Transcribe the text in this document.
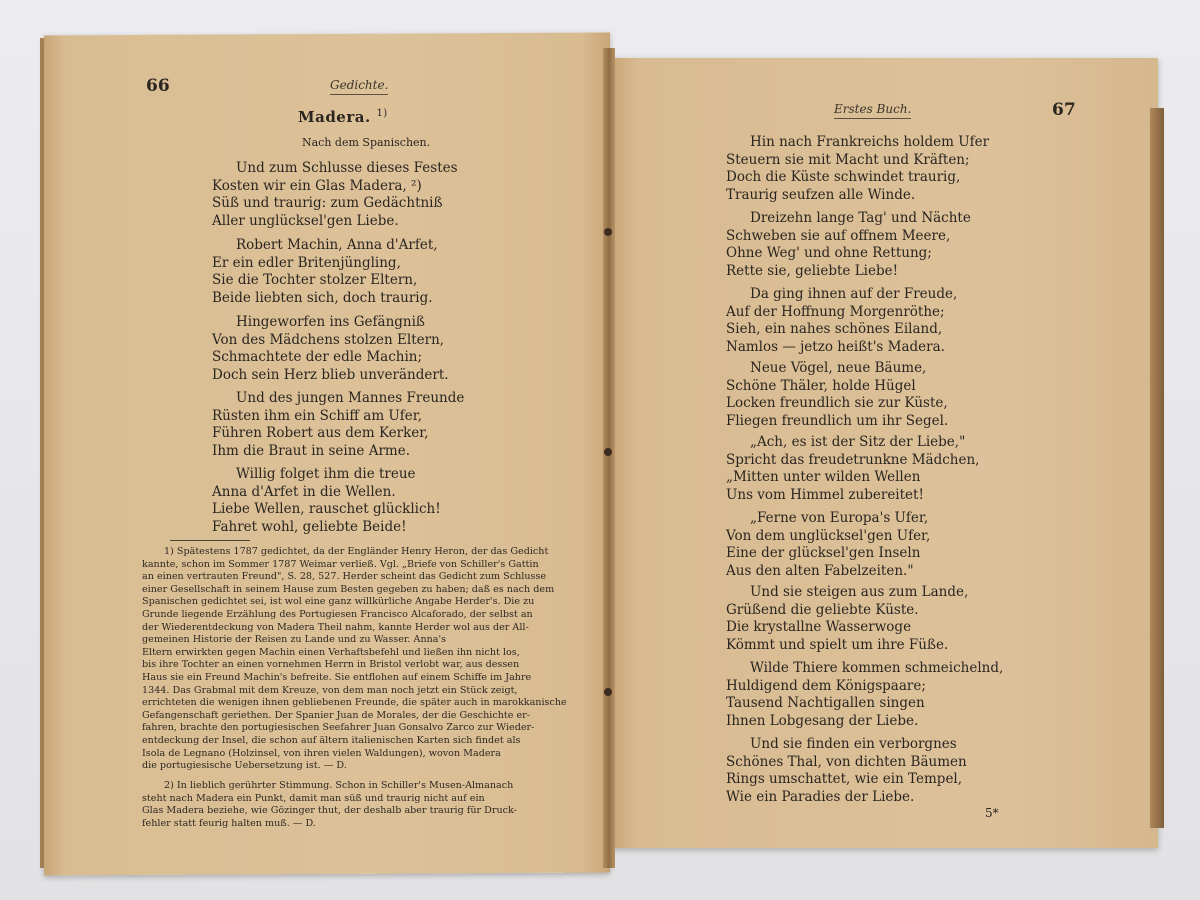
66	Gedichte.
Madera. $^{1)}$
Nach dem Spanischen.
Und zum Schlusse dieses Festes
Kosten wir ein Glas Madera, ²)
Süß und traurig: zum Gedächtniß
Aller unglücksel'gen Liebe.
Robert Machin, Anna d'Arfet,
Er ein edler Britenjüngling,
Sie die Tochter stolzer Eltern,
Beide liebten sich, doch traurig.
Hingeworfen ins Gefängniß
Von des Mädchens stolzen Eltern,
Schmachtete der edle Machin;
Doch sein Herz blieb unverändert.
Und des jungen Mannes Freunde
Rüsten ihm ein Schiff am Ufer,
Führen Robert aus dem Kerker,
Ihm die Braut in seine Arme.
Willig folget ihm die treue
Anna d'Arfet in die Wellen.
Liebe Wellen, rauschet glücklich!
Fahret wohl, geliebte Beide!
1) Spätestens 1787 gedichtet, da der Engländer Henry Heron, der das Gedicht
kannte, schon im Sommer 1787 Weimar verließ. Vgl. „Briefe von Schiller's Gattin
an einen vertrauten Freund", S. 28, 527. Herder scheint das Gedicht zum Schlusse
einer Gesellschaft in seinem Hause zum Besten gegeben zu haben; daß es nach dem
Spanischen gedichtet sei, ist wol eine ganz willkürliche Angabe Herder's. Die zu
Grunde liegende Erzählung des Portugiesen Francisco Alcaforado, der selbst an
der Wiederentdeckung von Madera Theil nahm, kannte Herder wol aus der All-
gemeinen Historie der Reisen zu Lande und zu Wasser. Anna's
Eltern erwirkten gegen Machin einen Verhaftsbefehl und ließen ihn nicht los,
bis ihre Tochter an einen vornehmen Herrn in Bristol verlobt war, aus dessen
Haus sie ein Freund Machin's befreite. Sie entflohen auf einem Schiffe im Jahre
1344. Das Grabmal mit dem Kreuze, von dem man noch jetzt ein Stück zeigt,
errichteten die wenigen ihnen gebliebenen Freunde, die später auch in marokkanische
Gefangenschaft geriethen. Der Spanier Juan de Morales, der die Geschichte er-
fahren, brachte den portugiesischen Seefahrer Juan Gonsalvo Zarco zur Wieder-
entdeckung der Insel, die schon auf ältern italienischen Karten sich findet als
Isola de Legnano (Holzinsel, von ihren vielen Waldungen), wovon Madera
die portugiesische Uebersetzung ist. — D.
2) In lieblich gerührter Stimmung. Schon in Schiller's Musen-Almanach
steht nach Madera ein Punkt, damit man süß und traurig nicht auf ein
Glas Madera beziehe, wie Gözinger thut, der deshalb aber traurig für Druck-
fehler statt feurig halten muß. — D.
Erstes Buch.	67
Hin nach Frankreichs holdem Ufer
Steuern sie mit Macht und Kräften;
Doch die Küste schwindet traurig,
Traurig seufzen alle Winde.
Dreizehn lange Tag' und Nächte
Schweben sie auf offnem Meere,
Ohne Weg' und ohne Rettung;
Rette sie, geliebte Liebe!
Da ging ihnen auf der Freude,
Auf der Hoffnung Morgenröthe;
Sieh, ein nahes schönes Eiland,
Namlos — jetzo heißt's Madera.
Neue Vögel, neue Bäume,
Schöne Thäler, holde Hügel
Locken freundlich sie zur Küste,
Fliegen freundlich um ihr Segel.
„Ach, es ist der Sitz der Liebe,"
Spricht das freudetrunkne Mädchen,
„Mitten unter wilden Wellen
Uns vom Himmel zubereitet!
„Ferne von Europa's Ufer,
Von dem unglücksel'gen Ufer,
Eine der glücksel'gen Inseln
Aus den alten Fabelzeiten."
Und sie steigen aus zum Lande,
Grüßend die geliebte Küste.
Die krystallne Wasserwoge
Kömmt und spielt um ihre Füße.
Wilde Thiere kommen schmeichelnd,
Huldigend dem Königspaare;
Tausend Nachtigallen singen
Ihnen Lobgesang der Liebe.
Und sie finden ein verborgnes
Schönes Thal, von dichten Bäumen
Rings umschattet, wie ein Tempel,
Wie ein Paradies der Liebe.
5*
